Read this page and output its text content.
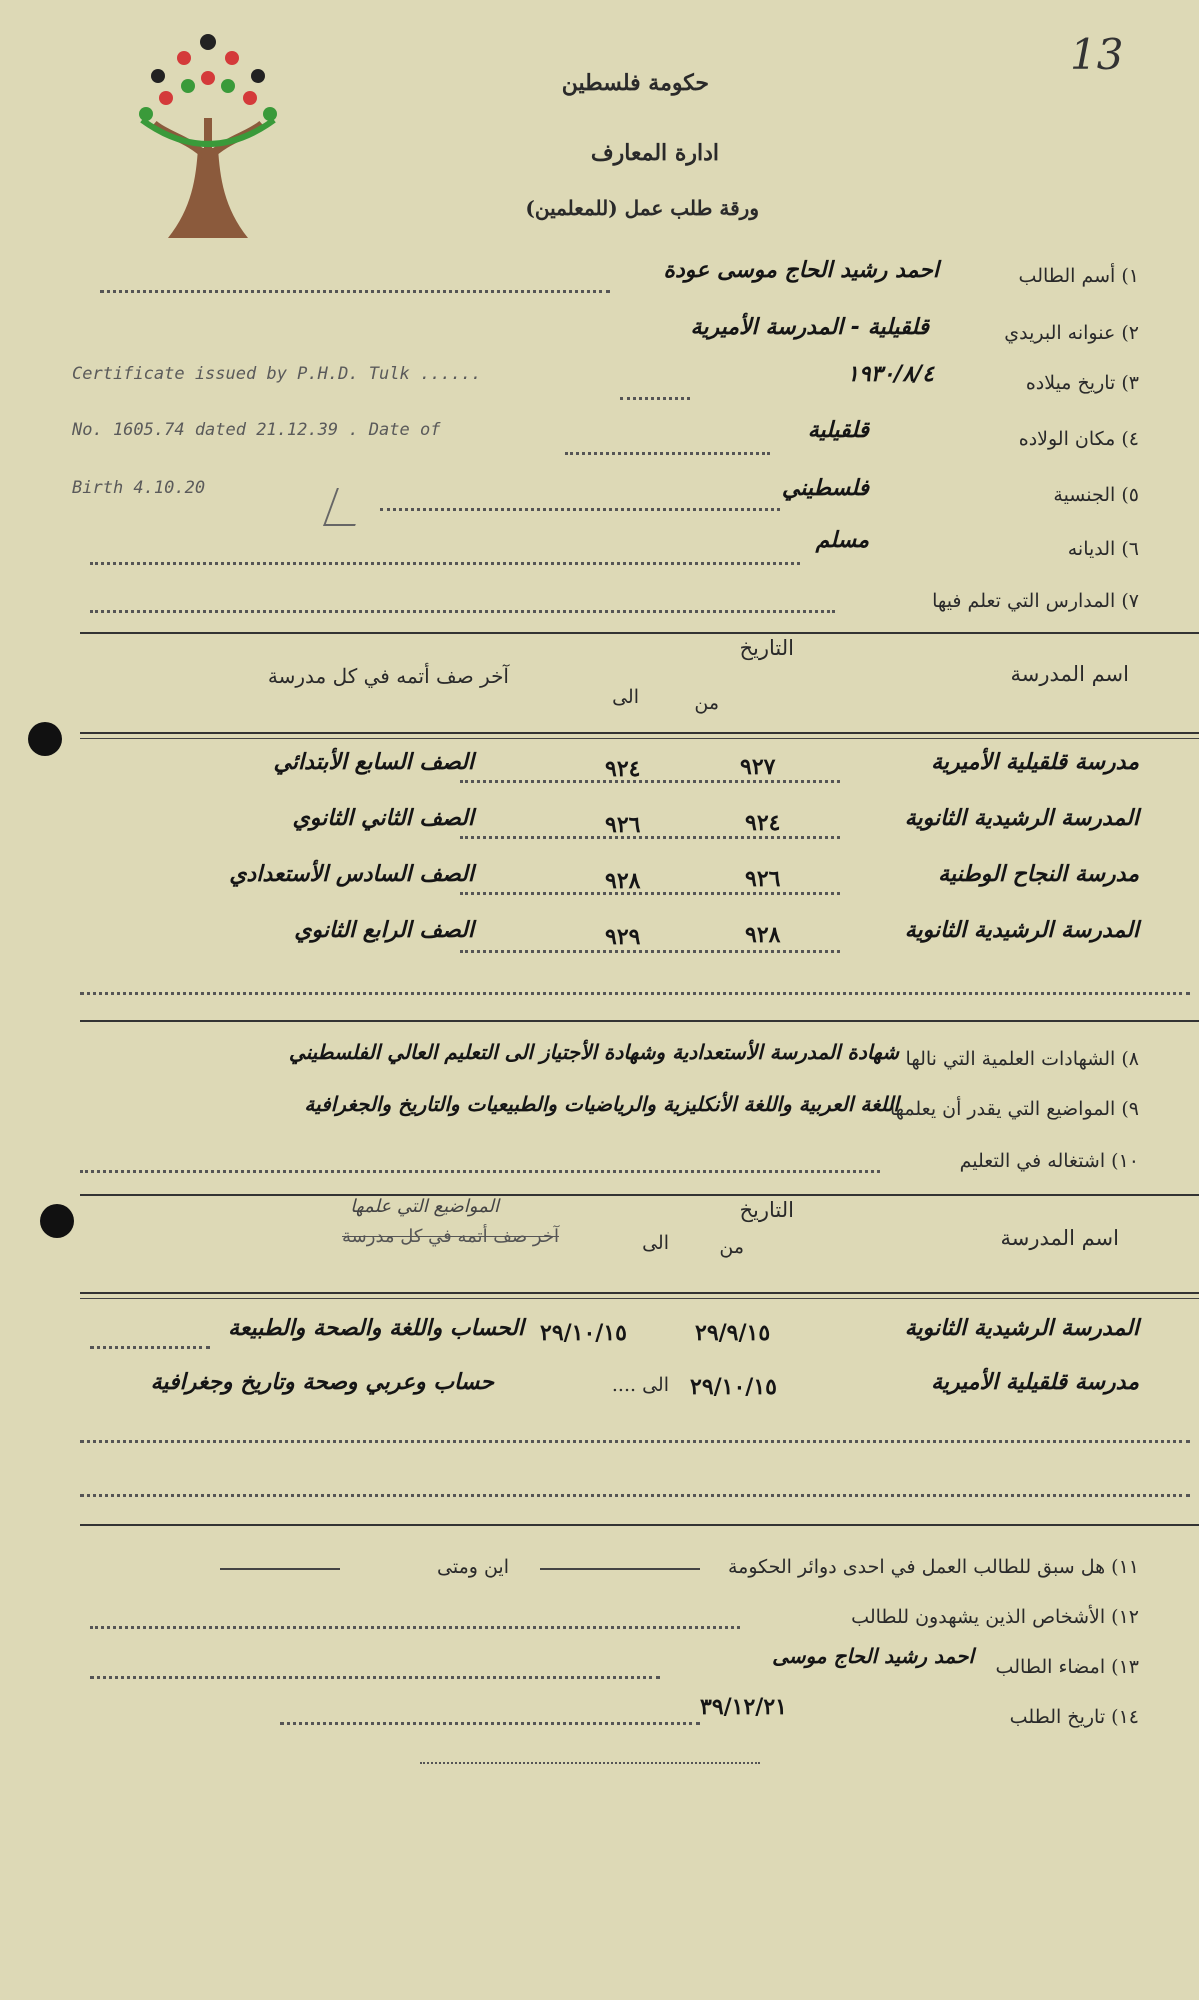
13
حكومة فلسطين
ادارة المعارف
ورقة طلب عمل (للمعلمين)
١) أسم الطالب
احمد رشيد الحاج موسى عودة
٢) عنوانه البريدي
قلقيلية - المدرسة الأميرية
٣) تاريخ ميلاده
١٩٣٠/٨/٤
٤) مكان الولاده
قلقيلية
٥) الجنسية
فلسطيني
٦) الديانه
مسلم
٧) المدارس التي تعلم فيها
Certificate issued by P.H.D. Tulk ......
No. 1605.74 dated 21.12.39 . Date of
Birth 4.10.20
اسم المدرسة
التاريخ
من
الى
آخر صف أتمه في كل مدرسة
مدرسة قلقيلية الأميرية
٩٢٧
٩٢٤
الصف السابع الأبتدائي
المدرسة الرشيدية الثانوية
٩٢٤
٩٢٦
الصف الثاني الثانوي
مدرسة النجاح الوطنية
٩٢٦
٩٢٨
الصف السادس الأستعدادي
المدرسة الرشيدية الثانوية
٩٢٨
٩٢٩
الصف الرابع الثانوي
٨) الشهادات العلمية التي نالها
شهادة المدرسة الأستعدادية وشهادة الأجتياز الى التعليم العالي الفلسطيني
٩) المواضيع التي يقدر أن يعلمها
اللغة العربية واللغة الأنكليزية والرياضيات والطبيعيات والتاريخ والجغرافية
١٠) اشتغاله في التعليم
اسم المدرسة
التاريخ
من
الى
آخر صف أتمه في كل مدرسة
المواضيع التي علمها
المدرسة الرشيدية الثانوية
٢٩/٩/١٥
٢٩/١٠/١٥
الحساب واللغة والصحة والطبيعة
مدرسة قلقيلية الأميرية
٢٩/١٠/١٥
الى ....
حساب وعربي وصحة وتاريخ وجغرافية
١١) هل سبق للطالب العمل في احدى دوائر الحكومة
اين ومتى
١٢) الأشخاص الذين يشهدون للطالب
١٣) امضاء الطالب
احمد رشيد الحاج موسى
١٤) تاريخ الطلب
٣٩/١٢/٢١
